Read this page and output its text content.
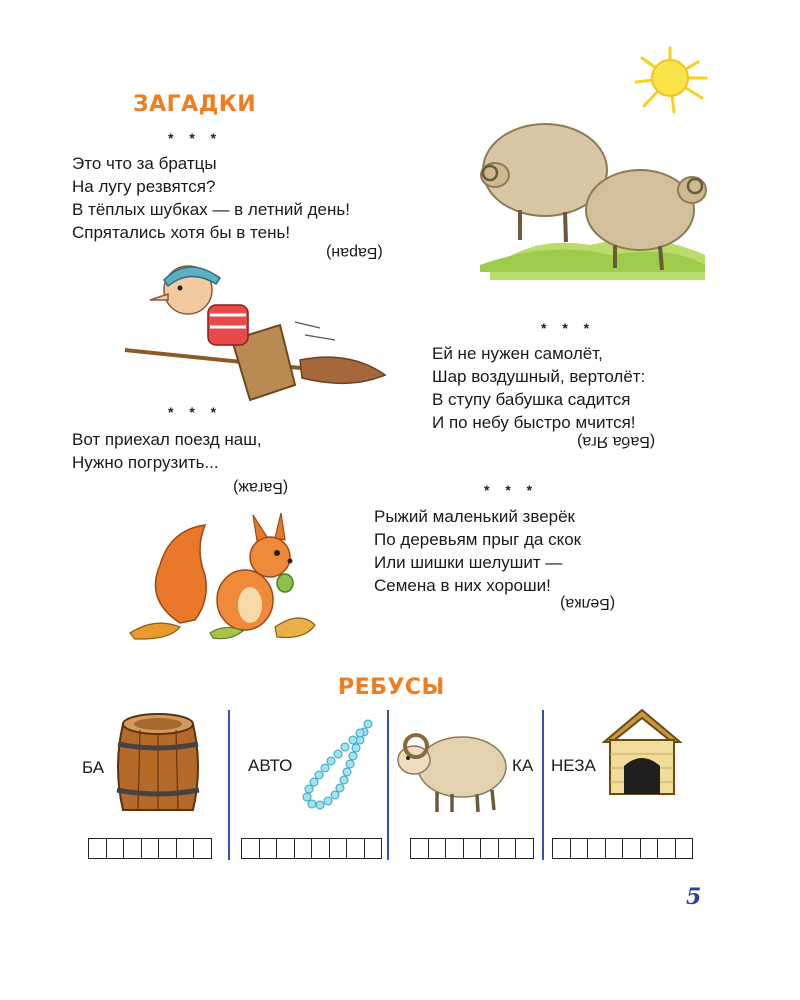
ЗАГАДКИ
* * *
Это что за братцы
На лугу резвятся?
В тёплых шубках — в летний день!
Спрятались хотя бы в тень!
(Баран)
* * *
Ей не нужен самолёт,
Шар воздушный, вертолёт:
В ступу бабушка садится
И по небу быстро мчится!
(Баба Яга)
* * *
Вот приехал поезд наш,
Нужно погрузить...
(Багаж)	* * *
Рыжий маленький зверёк
По деревьям прыг да скок
Или шишки шелушит —
Семена в них хороши!
(Белка)
РЕБУСЫ
БА	АВТО	КА НЕЗА
5
